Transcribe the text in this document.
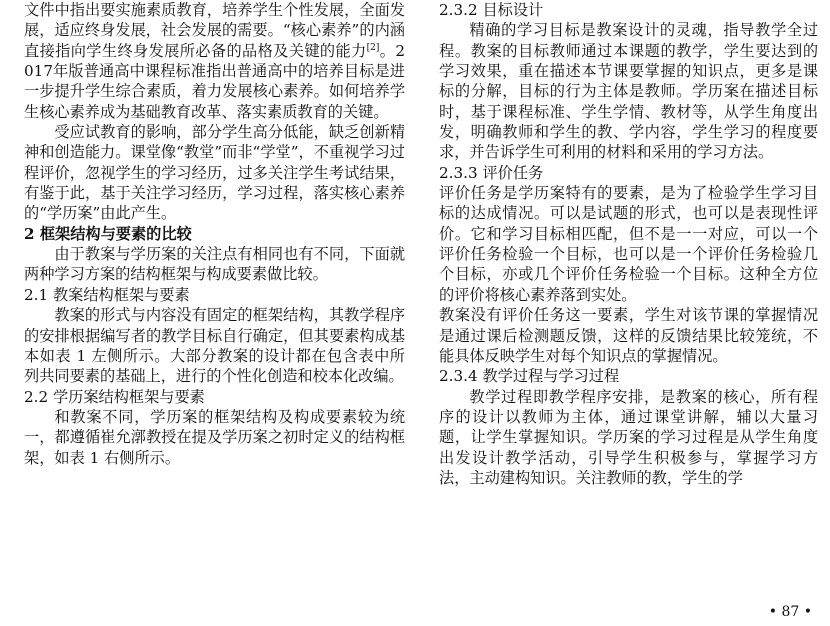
文件中指出要实施素质教育，培养学生个性发展，全面发展，适应终身发展，社会发展的需要。“核心素养”的内涵直接指向学生终身发展所必备的品格及关键的能力[2]。2017年版普通高中课程标准指出普通高中的培养目标是进一步提升学生综合素质，着力发展核心素养。如何培养学生核心素养成为基础教育改革、落实素质教育的关键。

受应试教育的影响，部分学生高分低能，缺乏创新精神和创造能力。课堂像“教堂”而非“学堂”，不重视学习过程评价，忽视学生的学习经历，过多关注学生考试结果，有鉴于此，基于关注学习经历，学习过程，落实核心素养的“学历案”由此产生。

2 框架结构与要素的比较

由于教案与学历案的关注点有相同也有不同，下面就两种学习方案的结构框架与构成要素做比较。

2.1 教案结构框架与要素

教案的形式与内容没有固定的框架结构，其教学程序的安排根据编写者的教学目标自行确定，但其要素构成基本如表 1 左侧所示。大部分教案的设计都在包含表中所列共同要素的基础上，进行的个性化创造和校本化改编。

2.2 学历案结构框架与要素

和教案不同，学历案的框架结构及构成要素较为统一，都遵循崔允漷教授在提及学历案之初时定义的结构框架，如表 1 右侧所示。

2.3.2 目标设计

精确的学习目标是教案设计的灵魂，指导教学全过程。教案的目标教师通过本课题的教学，学生要达到的学习效果，重在描述本节课要掌握的知识点，更多是课标的分解，目标的行为主体是教师。学历案在描述目标时，基于课程标准、学生学情、教材等，从学生角度出发，明确教师和学生的教、学内容，学生学习的程度要求，并告诉学生可利用的材料和采用的学习方法。

2.3.3 评价任务

评价任务是学历案特有的要素，是为了检验学生学习目标的达成情况。可以是试题的形式，也可以是表现性评价。它和学习目标相匹配，但不是一一对应，可以一个评价任务检验一个目标，也可以是一个评价任务检验几个目标，亦或几个评价任务检验一个目标。这种全方位的评价将核心素养落到实处。

教案没有评价任务这一要素，学生对该节课的掌握情况是通过课后检测题反馈，这样的反馈结果比较笼统，不能具体反映学生对每个知识点的掌握情况。

2.3.4 教学过程与学习过程

教学过程即教学程序安排，是教案的核心，所有程序的设计以教师为主体，通过课堂讲解，辅以大量习题，让学生掌握知识。学历案的学习过程是从学生角度出发设计教学活动，引导学生积极参与，掌握学习方法，主动建构知识。关注教师的教，学生的学

• 87 •
